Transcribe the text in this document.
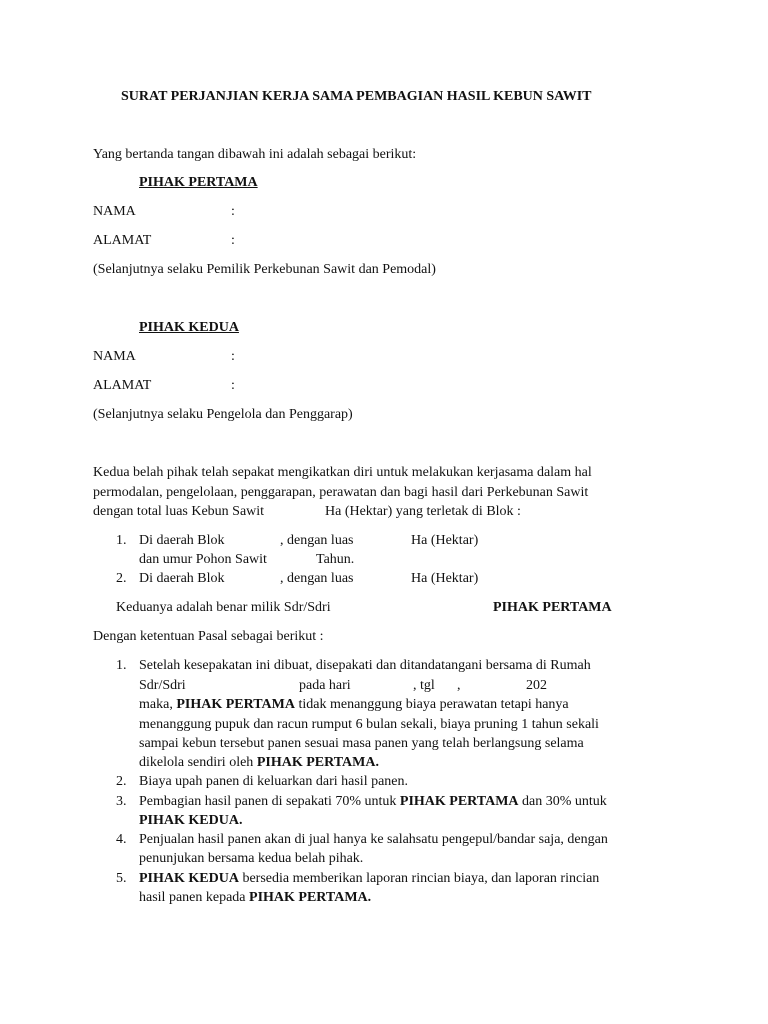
SURAT PERJANJIAN KERJA SAMA PEMBAGIAN HASIL KEBUN SAWIT
Yang bertanda tangan dibawah ini adalah sebagai berikut:
PIHAK PERTAMA
NAMA	:
ALAMAT	:
(Selanjutnya selaku Pemilik Perkebunan Sawit dan Pemodal)
PIHAK KEDUA
NAMA	:
ALAMAT	:
(Selanjutnya selaku Pengelola dan Penggarap)
Kedua belah pihak telah sepakat mengikatkan diri untuk melakukan kerjasama dalam hal
permodalan, pengelolaan, penggarapan, perawatan dan bagi hasil dari Perkebunan Sawit
dengan total luas Kebun Sawit	Ha (Hektar) yang terletak di Blok :
1. Di daerah Blok	, dengan luas	Ha (Hektar)
dan umur Pohon Sawit	Tahun.
2. Di daerah Blok	, dengan luas	Ha (Hektar)
Keduanya adalah benar milik Sdr/Sdri	PIHAK PERTAMA
Dengan ketentuan Pasal sebagai berikut :
1. Setelah kesepakatan ini dibuat, disepakati dan ditandatangani bersama di Rumah
Sdr/Sdri	pada hari	, tgl ,	202
maka, PIHAK PERTAMA tidak menanggung biaya perawatan tetapi hanya
menanggung pupuk dan racun rumput 6 bulan sekali, biaya pruning 1 tahun sekali
sampai kebun tersebut panen sesuai masa panen yang telah berlangsung selama
dikelola sendiri oleh PIHAK PERTAMA.
2. Biaya upah panen di keluarkan dari hasil panen.
3. Pembagian hasil panen di sepakati 70% untuk PIHAK PERTAMA dan 30% untuk
PIHAK KEDUA.
4. Penjualan hasil panen akan di jual hanya ke salahsatu pengepul/bandar saja, dengan
penunjukan bersama kedua belah pihak.
5. PIHAK KEDUA bersedia memberikan laporan rincian biaya, dan laporan rincian
hasil panen kepada PIHAK PERTAMA.
